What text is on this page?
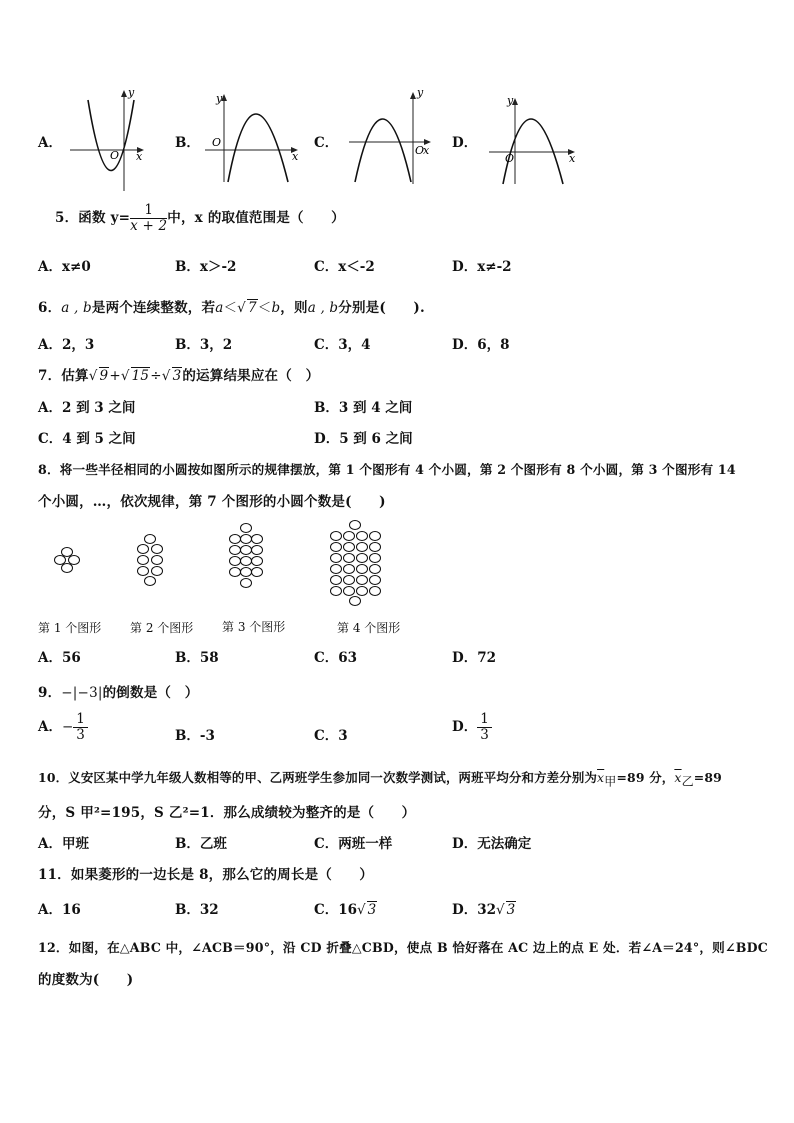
A．
y
x
O
B．
y
x
O	C．
y
x
O D．
y
x
O
5．函数 $y= \frac{1}{x + 2}$ 中，x 的取值范围是（　　）
A．x≠0	B．x＞-2	C．x＜-2	D．x≠-2
6．a , b是两个连续整数，若a＜√ 7＜b，则a , b分别是(　　).
A．2，3	B．3，2	C．3，4	D．6，8
7．估算√ 9+√ 15÷√ 3的运算结果应在（　）
A．2 到 3 之间	B．3 到 4 之间
C．4 到 5 之间	D．5 到 6 之间
8．将一些半径相同的小圆按如图所示的规律摆放，第 1 个图形有 4 个小圆，第 2 个图形有 8 个小圆，第 3 个图形有 14
个小圆，…，依次规律，第 7 个图形的小圆个数是(　　)
第 1 个图形 第 2 个图形 第 3 个图形	第 4 个图形
A．56	B．58	C．63	D．72
9．−|−3|的倒数是（　）
A．− $\frac{1}{3}$	B．-3	C．3
D． $\frac{1}{3}$
10．义安区某中学九年级人数相等的甲、乙两班学生参加同一次数学测试，两班平均分和方差分别为$\overline{x}_甲=89$ 分，$\overline{x}_乙=89$
分，S 甲²=195，S 乙²=1．那么成绩较为整齐的是（　　）
A．甲班	B．乙班	C．两班一样	D．无法确定
11．如果菱形的一边长是 8，那么它的周长是（　　）
A．16	B．32	C．16√ 3	D．32√ 3
12．如图，在△ABC 中，∠ACB＝90°，沿 CD 折叠△CBD，使点 B 恰好落在 AC 边上的点 E 处．若∠A＝24°，则∠BDC
的度数为(　　)
